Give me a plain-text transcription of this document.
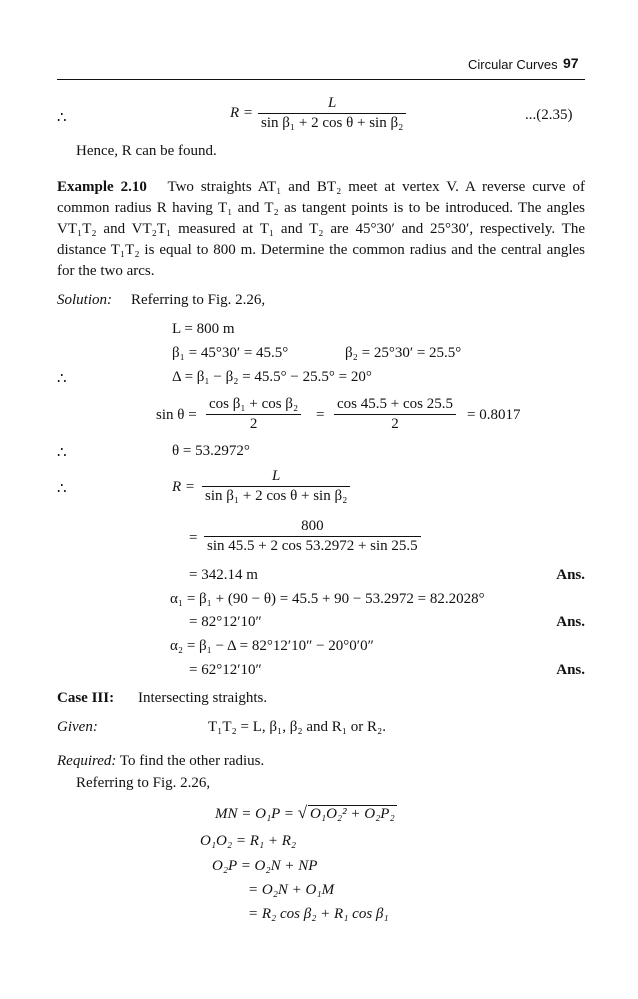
Circular Curves 97
∴	$R = \frac{L}{\text{sin β₁ + 2 cos θ + sin β₂}}$	...(2.35)
Hence, R can be found.
Example 2.10 Two straights AT₁ and BT₂ meet at vertex V. A reverse curve of common radius R having T₁ and T₂ as tangent points is to be introduced. The angles VT₁T₂ and VT₂T₁ measured at T₁ and T₂ are 45°30′ and 25°30′, respectively. The distance T₁T₂ is equal to 800 m. Determine the common radius and the central angles for the two arcs.
Solution: Referring to Fig. 2.26,
L = 800 m
β₁ = 45°30′ = 45.5°	β₂ = 25°30′ = 25.5°
∴	Δ = β₁ − β₂ = 45.5° − 25.5° = 20°
$\sin \theta = \frac{\text{cos β₁ + cos β₂}}{2} = \frac{\cos 45.5 + \cos 25.5}{2} = 0.8017$
∴	θ = 53.2972°
∴	$R = \frac{L}{\text{sin β₁ + 2 cos θ + sin β₂}}$
= $\frac{800}{\sin 45.5 + 2 \cos 53.2972 + \sin 25.5}$
= 342.14 m	Ans.
α₁ = β₁ + (90 − θ) = 45.5 + 90 − 53.2972 = 82.2028°
= 82°12′10″	Ans.
α₂ = β₁ − Δ = 82°12′10″ − 20°0′0″
= 62°12′10″	Ans.
Case III: Intersecting straights.
Given:	T₁T₂ = L, β₁, β₂ and R₁ or R₂.
Required: To find the other radius.
Referring to Fig. 2.26,
MN = O₁P = √ O₁O₂² + O₂P₂
O₁O₂ = R₁ + R₂
O₂P = O₂N + NP
= O₂N + O₁M
= R₂ cos β₂ + R₁ cos β₁
